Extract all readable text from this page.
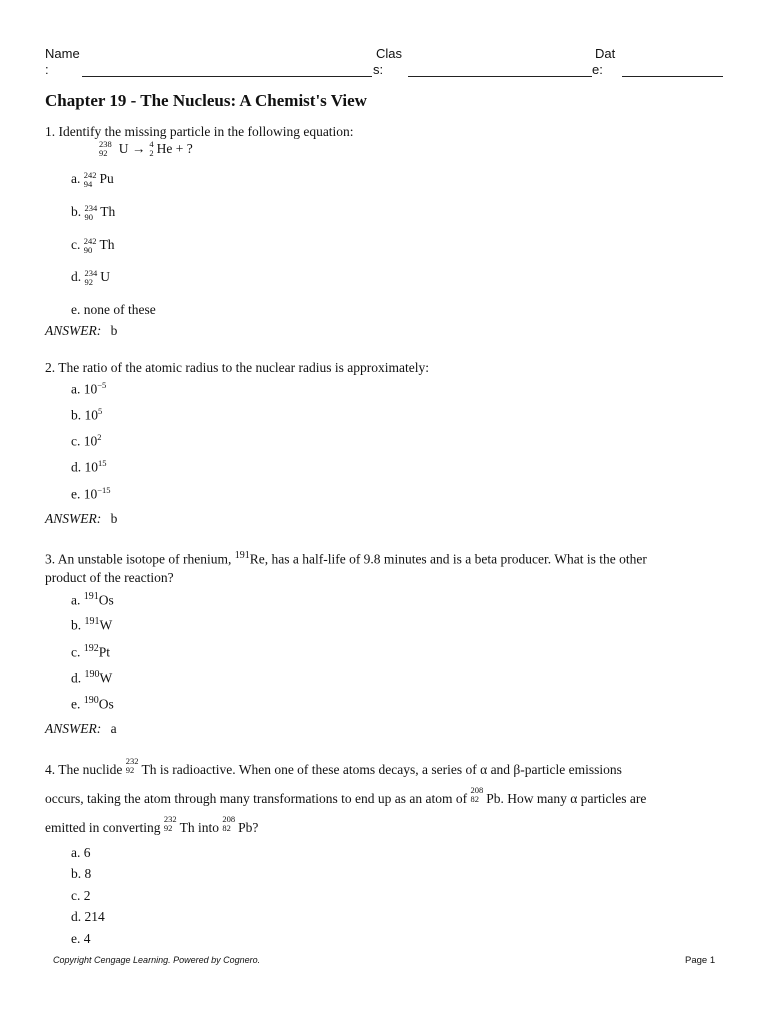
Name
:
Clas
s:
Dat
e:
Chapter 19 - The Nucleus: A Chemist's View
1. Identify the missing particle in the following equation:
238
92 U → 4
2 He + ?
a. 242
94 Pu
b. 234
90 Th
c. 242
90 Th
d. 234
92 U
e. none of these
ANSWER: b
2. The ratio of the atomic radius to the nuclear radius is approximately:
a. $10^{-5}$
b. $10^5$
c. $10^2$
d. $10^{15}$
e. $10^{-15}$
ANSWER: b
3. An unstable isotope of rhenium, $^{191}$Re, has a half-life of 9.8 minutes and is a beta producer. What is the other
product of the reaction?
a. $^{191}$Os
b. $^{191}$W
c. $^{192}$Pt
d. $^{190}$W
e. $^{190}$Os
ANSWER: a
4. The nuclide
232
92 Th is radioactive. When one of these atoms decays, a series of α and β-particle emissions
occurs, taking the atom through many transformations to end up as an atom of
208
82 Pb. How many α particles are
emitted in converting
232
92 Th into
208
82 Pb?
a. 6
b. 8
c. 2
d. 214
e. 4
Copyright Cengage Learning. Powered by Cognero.	Page 1
